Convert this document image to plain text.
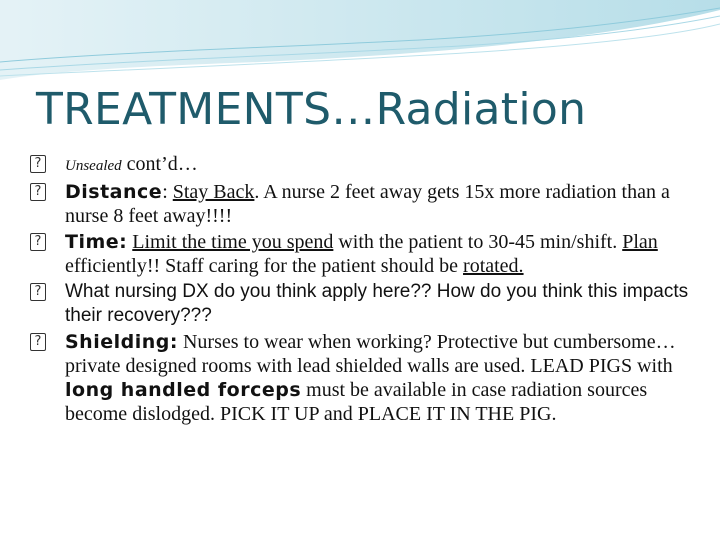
TREATMENTS…Radiation
?	Unsealed cont’d…
? Distance: Stay Back. A nurse 2 feet away gets 15x more radiation than a nurse 8 feet away!!!!
? Time: Limit the time you spend with the patient to 30-45 min/shift. Plan efficiently!! Staff caring for the patient should be rotated.
? What nursing DX do you think apply here?? How do you think this impacts their recovery???
? Shielding: Nurses to wear when working? Protective but cumbersome… private designed rooms with lead shielded walls are used. LEAD PIGS with long handled forceps must be available in case radiation sources become dislodged. PICK IT UP and PLACE IT IN THE PIG.
